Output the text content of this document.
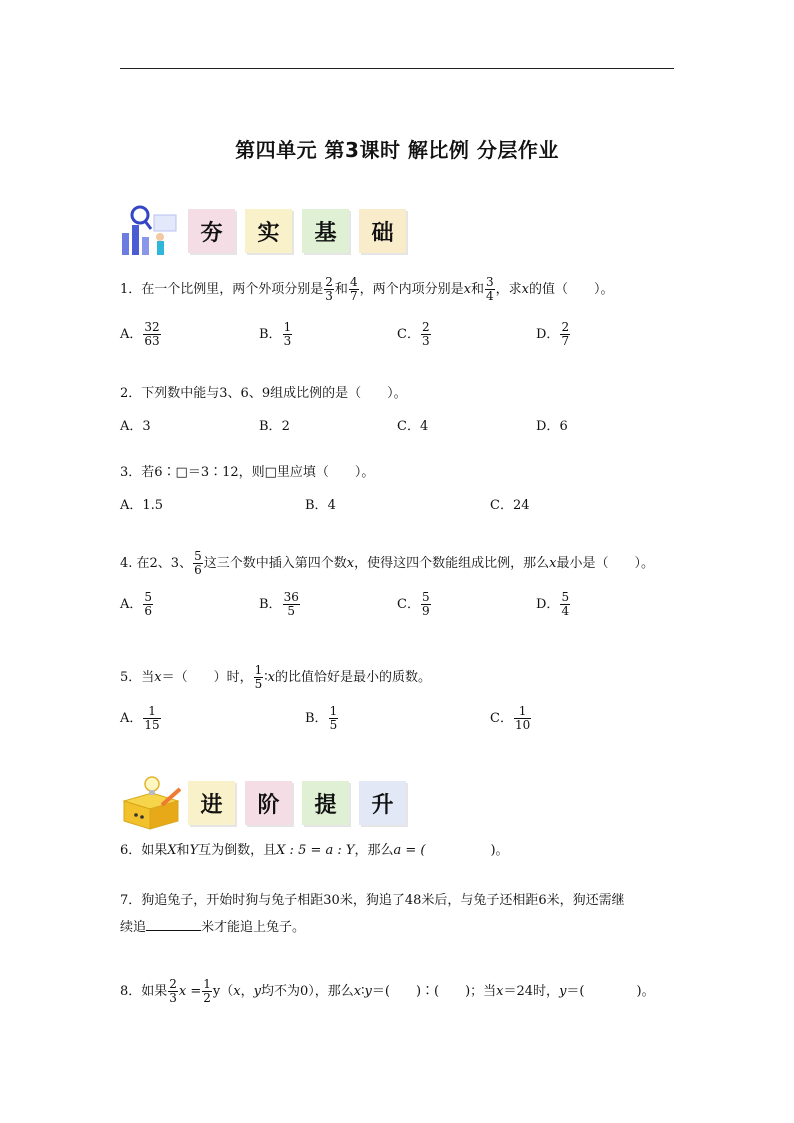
第四单元 第3课时 解比例 分层作业
夯	实	基	础
1．在一个比例里，两个外项分别是 $\frac{2}{3}$ 和 $\frac{4}{7}$ ，两个内项分别是x和 $\frac{3}{4}$ ，求x的值（　　）。
A． $\frac{32}{63}$	B． $\frac{1}{3}$	C． $\frac{2}{3}$	D． $\frac{2}{7}$
2．下列数中能与3、6、9组成比例的是（　　）。
A．3	B．2	C．4	D．6
3．若6∶□＝3∶12，则□里应填（　　）。
A．1.5	B．4	C．24
4. 在2、3、 $\frac{5}{6}$ 这三个数中插入第四个数x，使得这四个数能组成比例，那么x最小是（　　）。
A． $\frac{5}{6}$	B． $\frac{36}{5}$	C． $\frac{5}{9}$	D． $\frac{5}{4}$
5．当x＝（　　）时， $\frac{1}{5}$ ∶x的比值恰好是最小的质数。
A． $\frac{1}{15}$	B． $\frac{1}{5}$	C． $\frac{1}{10}$
进	阶	提	升
6．如果X和Y互为倒数，且X : 5 = a : Y，那么a = (　　　　　)。
7．狗追兔子，开始时狗与兔子相距30米，狗追了48米后，与兔子还相距6米，狗还需继
续追	米才能追上兔子。
8．如果 $\frac{2}{3}$ $x = \frac{1}{2} y(x$，y均不为0），那么x∶y＝(　　)∶(　　)；当x＝24时，y＝(　　　　)。
